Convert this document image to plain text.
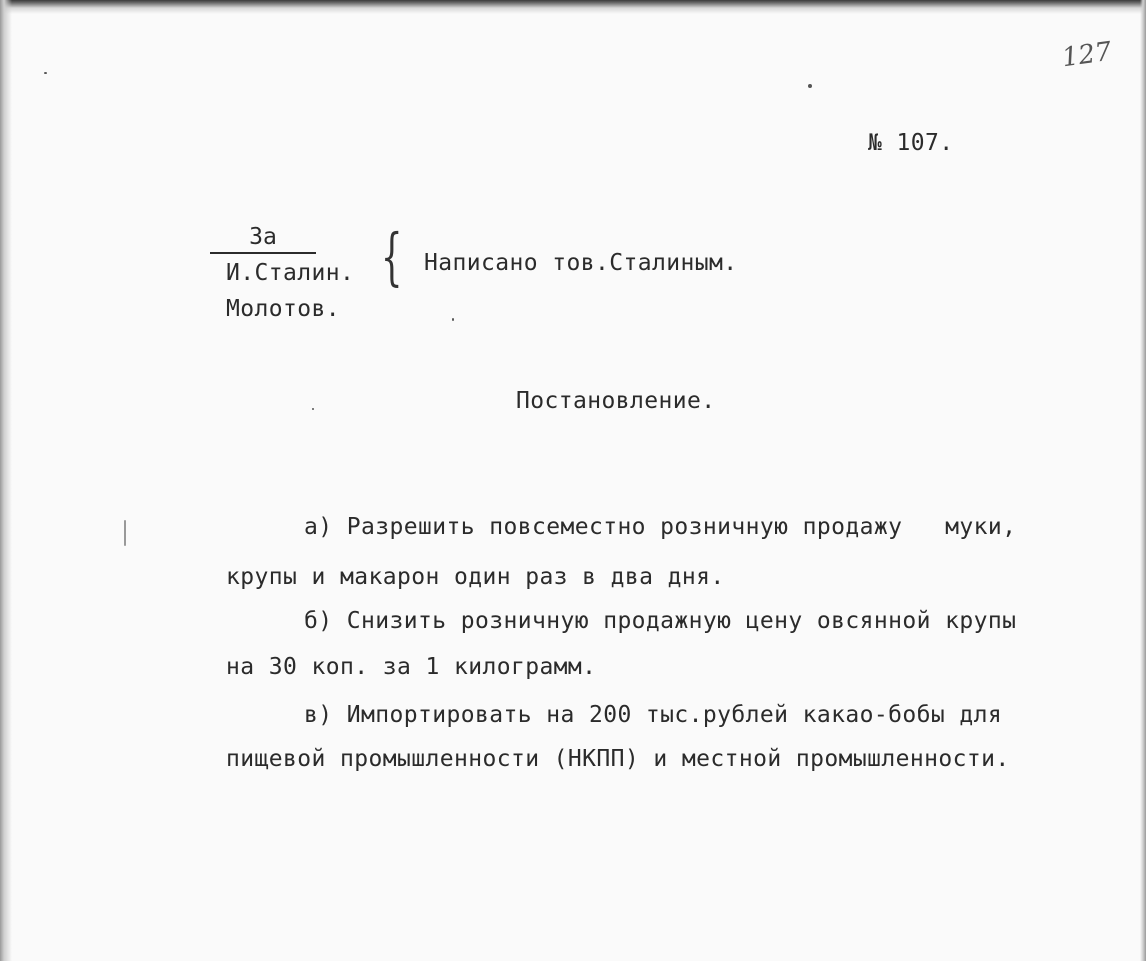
127
№ 107.
За
И.Сталин.
Молотов.
{ Написано тов.Сталиным.
Постановление.
а) Разрешить повсеместно розничную продажу   муки,
крупы и макарон один раз в два дня.
б) Снизить розничную продажную цену овсянной крупы
на 30 коп. за 1 килограмм.
в) Импортировать на 200 тыс.рублей какао-бобы для
пищевой промышленности (НКПП) и местной промышленности.
